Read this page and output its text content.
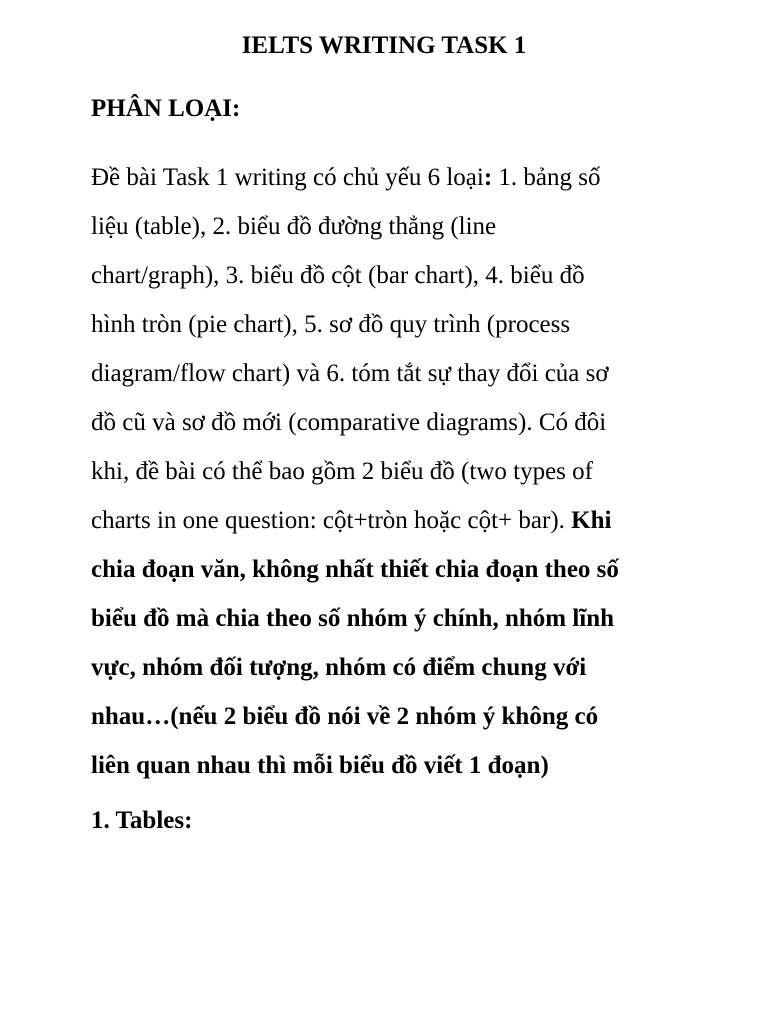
IELTS WRITING TASK 1
PHÂN LOẠI:
Đề bài Task 1 writing có chủ yếu 6 loại: 1. bảng số
liệu (table), 2. biểu đồ đường thẳng (line
chart/graph), 3. biểu đồ cột (bar chart), 4. biểu đồ
hình tròn (pie chart), 5. sơ đồ quy trình (process
diagram/flow chart) và 6. tóm tắt sự thay đổi của sơ
đồ cũ và sơ đồ mới (comparative diagrams). Có đôi
khi, đề bài có thể bao gồm 2 biểu đồ (two types of
charts in one question: cột+tròn hoặc cột+ bar). Khi
chia đoạn văn, không nhất thiết chia đoạn theo số
biểu đồ mà chia theo số nhóm ý chính, nhóm lĩnh
vực, nhóm đối tượng, nhóm có điểm chung với
nhau…(nếu 2 biểu đồ nói về 2 nhóm ý không có
liên quan nhau thì mỗi biểu đồ viết 1 đoạn)
1. Tables:
